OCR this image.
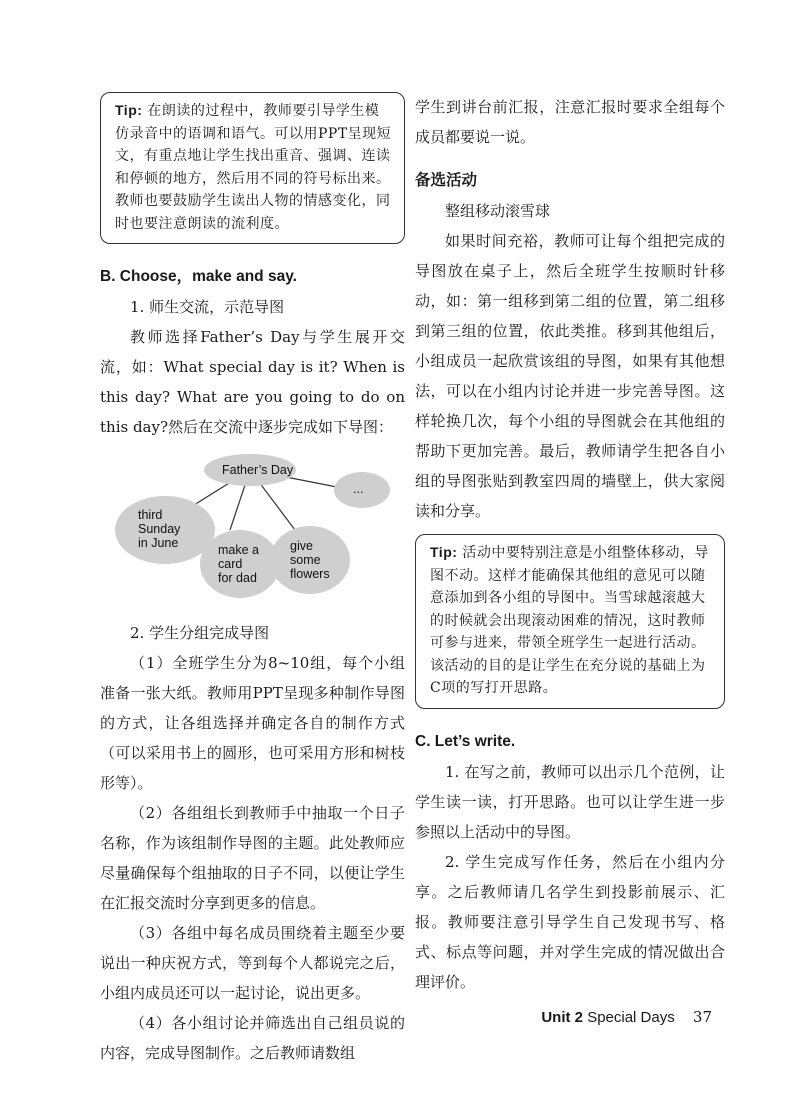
Tip: 在朗读的过程中，教师要引导学生模仿录音中的语调和语气。可以用PPT呈现短文，有重点地让学生找出重音、强调、连读和停顿的地方，然后用不同的符号标出来。教师也要鼓励学生读出人物的情感变化，同时也要注意朗读的流利度。
B. Choose，make and say.

1. 师生交流，示范导图

教师选择Father’s Day与学生展开交流，如：What special day is it? When is this day? What are you going to do on this day?然后在交流中逐步完成如下导图：

Father’s Day
third
Sunday
in June	make a
card
for dad
give
some
flowers
...

2. 学生分组完成导图

（1）全班学生分为8~10组，每个小组准备一张大纸。教师用PPT呈现多种制作导图的方式，让各组选择并确定各自的制作方式（可以采用书上的圆形，也可采用方形和树枝形等）。

（2）各组组长到教师手中抽取一个日子名称，作为该组制作导图的主题。此处教师应尽量确保每个组抽取的日子不同，以便让学生在汇报交流时分享到更多的信息。

（3）各组中每名成员围绕着主题至少要说出一种庆祝方式，等到每个人都说完之后，小组内成员还可以一起讨论，说出更多。

（4）各小组讨论并筛选出自己组员说的内容，完成导图制作。之后教师请数组

学生到讲台前汇报，注意汇报时要求全组每个成员都要说一说。

备选活动

整组移动滚雪球

如果时间充裕，教师可让每个组把完成的导图放在桌子上，然后全班学生按顺时针移动，如：第一组移到第二组的位置，第二组移到第三组的位置，依此类推。移到其他组后，小组成员一起欣赏该组的导图，如果有其他想法，可以在小组内讨论并进一步完善导图。这样轮换几次，每个小组的导图就会在其他组的帮助下更加完善。最后，教师请学生把各自小组的导图张贴到教室四周的墙壁上，供大家阅读和分享。

Tip: 活动中要特别注意是小组整体移动，导图不动。这样才能确保其他组的意见可以随意添加到各小组的导图中。当雪球越滚越大的时候就会出现滚动困难的情况，这时教师可参与进来，带领全班学生一起进行活动。该活动的目的是让学生在充分说的基础上为C项的写打开思路。
C. Let’s write.

1. 在写之前，教师可以出示几个范例，让学生读一读，打开思路。也可以让学生进一步参照以上活动中的导图。

2. 学生完成写作任务，然后在小组内分享。之后教师请几名学生到投影前展示、汇报。教师要注意引导学生自己发现书写、格式、标点等问题，并对学生完成的情况做出合理评价。

Unit 2 Special Days 37
